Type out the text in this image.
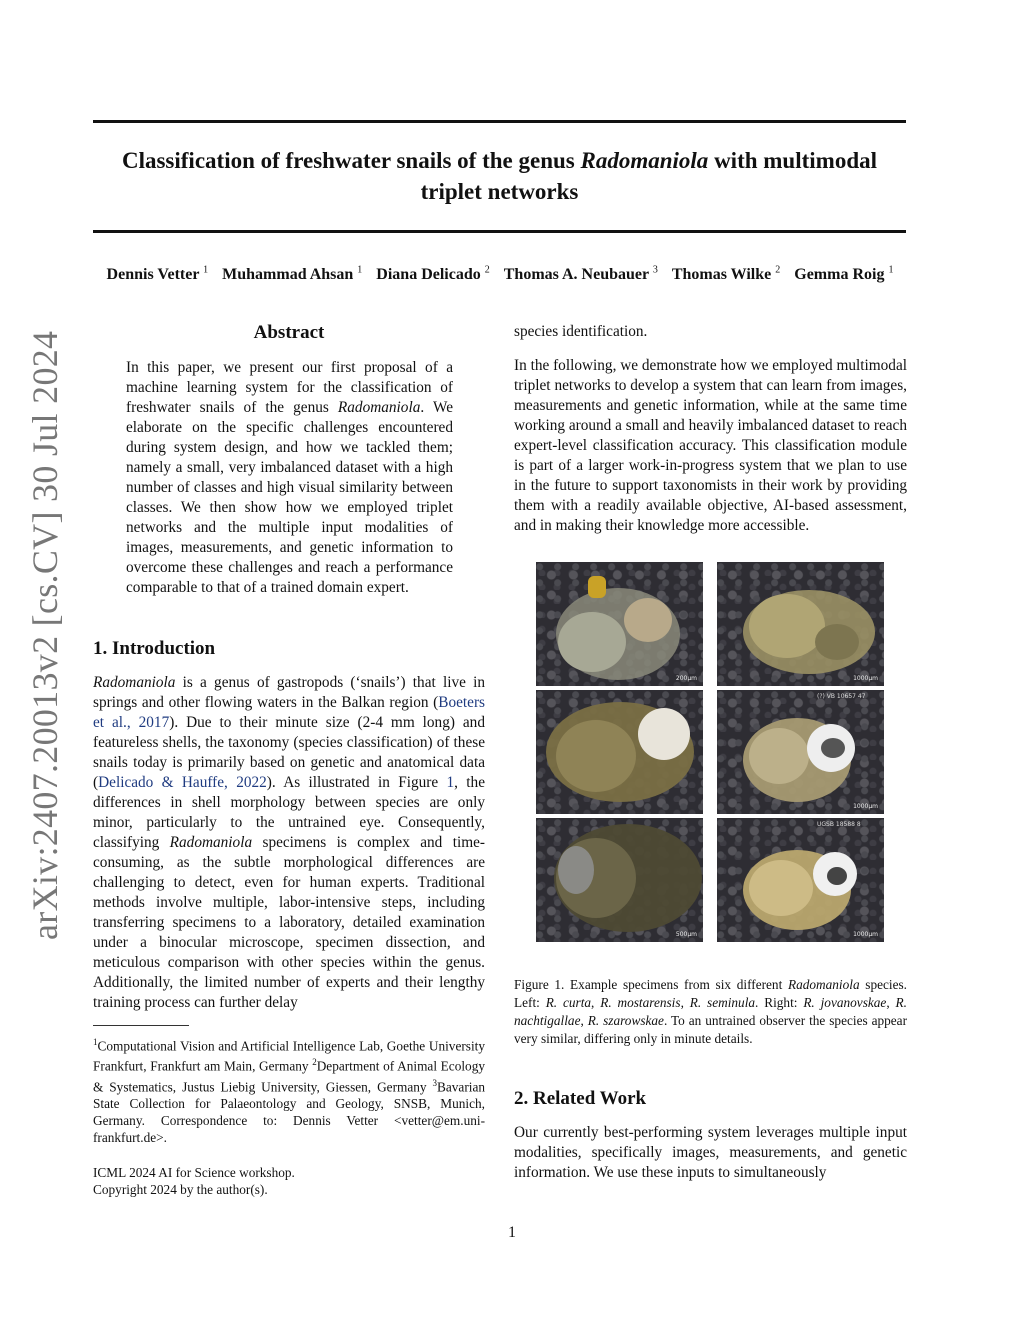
Classification of freshwater snails of the genus Radomaniola with multimodal
triplet networks
Dennis Vetter $^1$ Muhammad Ahsan $^1$ Diana Delicado $^2$ Thomas A. Neubauer $^3$ Thomas Wilke $^2$ Gemma Roig $^1$
arXiv:2407.20013v2 [cs.CV] 30 Jul 2024	Abstract

In this paper, we present our first proposal of a machine learning system for the classification of freshwater snails of the genus Radomaniola. We elaborate on the specific challenges encountered during system design, and how we tackled them; namely a small, very imbalanced dataset with a high number of classes and high visual similarity between classes. We then show how we employed triplet networks and the multiple input modalities of images, measurements, and genetic information to overcome these challenges and reach a performance comparable to that of a trained domain expert.

1. Introduction

Radomaniola is a genus of gastropods (‘snails’) that live in springs and other flowing waters in the Balkan region (Boeters et al., 2017). Due to their minute size (2-4 mm long) and featureless shells, the taxonomy (species classification) of these snails today is primarily based on genetic and anatomical data (Delicado & Hauffe, 2022). As illustrated in Figure 1, the differences in shell morphology between species are only minor, particularly to the untrained eye. Consequently, classifying Radomaniola specimens is complex and time-consuming, as the subtle morphological differences are challenging to detect, even for human experts. Traditional methods involve multiple, labor-intensive steps, including transferring specimens to a laboratory, detailed examination under a binocular microscope, specimen dissection, and meticulous comparison with other species within the genus. Additionally, the limited number of experts and their lengthy training process can further delay

$^1$Computational Vision and Artificial Intelligence Lab, Goethe University Frankfurt, Frankfurt am Main, Germany $^2$Department of Animal Ecology & Systematics, Justus Liebig University, Giessen, Germany $^3$Bavarian State Collection for Palaeontology and Geology, SNSB, Munich, Germany. Correspondence to: Dennis Vetter <vetter@em.uni-frankfurt.de>.

ICML 2024 AI for Science workshop.
Copyright 2024 by the author(s).

species identification.

In the following, we demonstrate how we employed multimodal triplet networks to develop a system that can learn from images, measurements and genetic information, while at the same time working around a small and heavily imbalanced dataset to reach expert-level classification accuracy. This classification module is part of a larger work-in-progress system that we plan to use in the future to support taxonomists in their work by providing them with a readily available objective, AI-based assessment, and in making their knowledge more accessible.

200µm	1000µm
(?) VB 10657 47
1000µm
500µm
UGSB 18588 8
1000µm

Figure 1. Example specimens from six different Radomaniola species. Left: R. curta, R. mostarensis, R. seminula. Right: R. jovanovskae, R. nachtigallae, R. szarowskae. To an untrained observer the species appear very similar, differing only in minute details.

2. Related Work

Our currently best-performing system leverages multiple input modalities, specifically images, measurements, and genetic information. We use these inputs to simultaneously

1
